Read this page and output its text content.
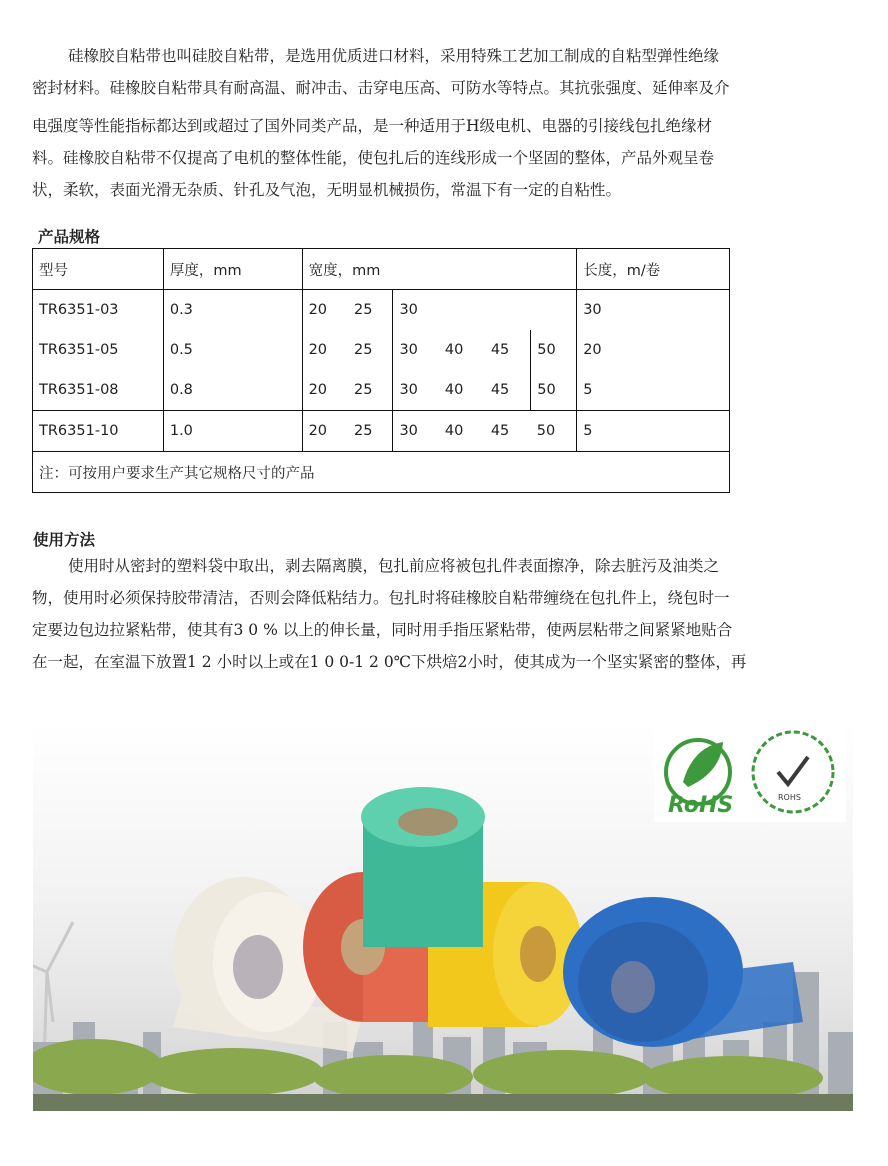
硅橡胶自粘带也叫硅胶自粘带，是选用优质进口材料，采用特殊工艺加工制成的自粘型弹性绝缘

密封材料。硅橡胶自粘带具有耐高温、耐冲击、击穿电压高、可防水等特点。其抗张强度、延伸率及介

电强度等性能指标都达到或超过了国外同类产品，是一种适用于H级电机、电器的引接线包扎绝缘材

料。硅橡胶自粘带不仅提高了电机的整体性能，使包扎后的连线形成一个坚固的整体，产品外观呈卷

状，柔软，表面光滑无杂质、针孔及气泡，无明显机械损伤，常温下有一定的自粘性。

产品规格
型号	厚度，mm	宽度，mm						长度，m/卷
TR6351-03	0.3	20	25	30				30
TR6351-05	0.5	20	25	30	40	45	50	20
TR6351-08	0.8	20	25	30	40	45	50	5
TR6351-10	1.0	20	25	30	40	45	50	5
注：可按用户要求生产其它规格尺寸的产品								
使用方法

使用时从密封的塑料袋中取出，剥去隔离膜，包扎前应将被包扎件表面擦净，除去脏污及油类之

物，使用时必须保持胶带清洁，否则会降低粘结力。包扎时将硅橡胶自粘带缠绕在包扎件上，绕包时一

定要边包边拉紧粘带，使其有3 0 % 以上的伸长量，同时用手指压紧粘带，使两层粘带之间紧紧地贴合

在一起，在室温下放置1 2 小时以上或在1 0 0-1 2 0℃下烘焙2小时，使其成为一个坚实紧密的整体，再

RoHS	ROHS
